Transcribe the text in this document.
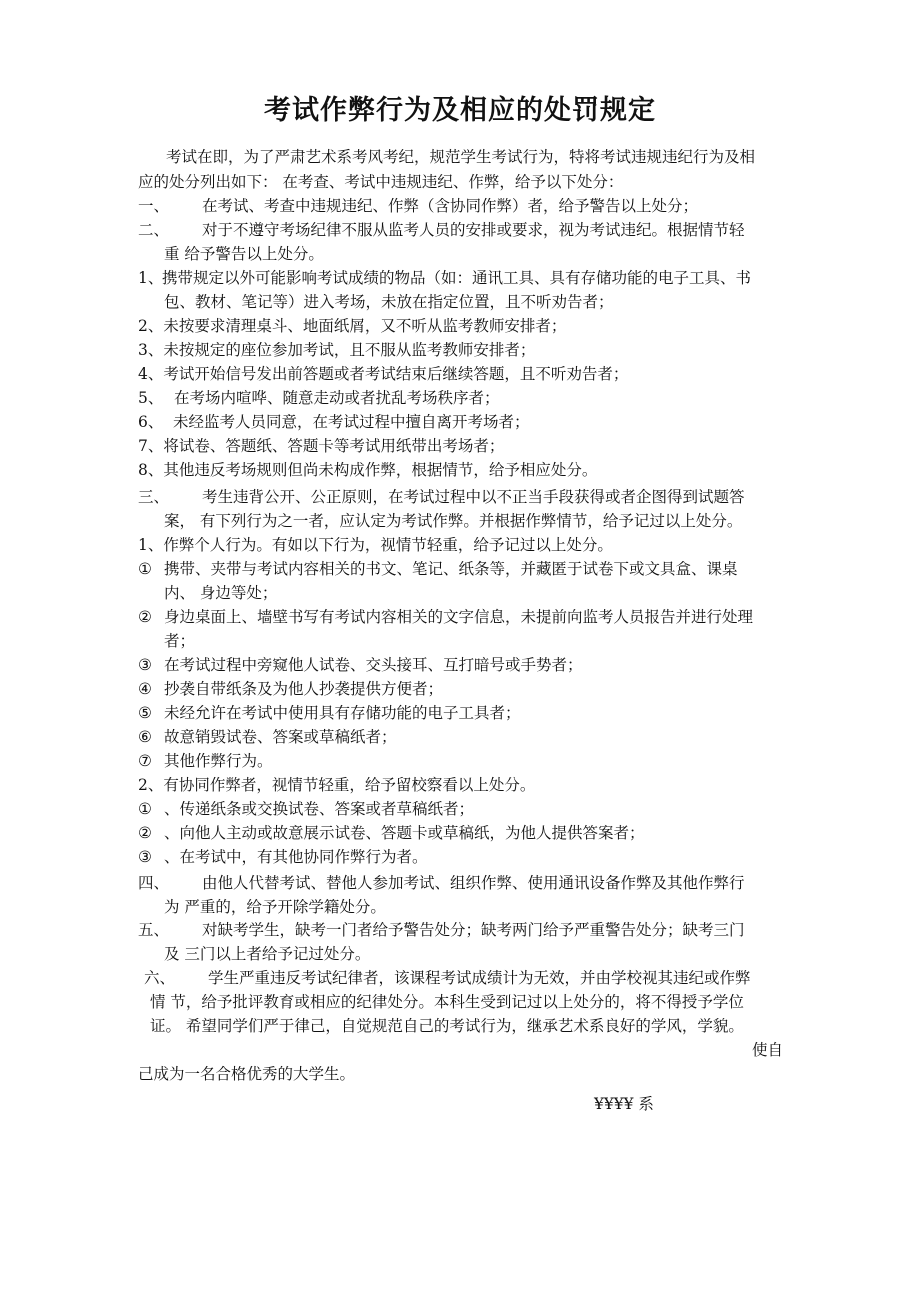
考试作弊行为及相应的处罚规定

考试在即，为了严肃艺术系考风考纪，规范学生考试行为，特将考试违规违纪行为及相

应的处分列出如下： 在考查、考试中违规违纪、作弊，给予以下处分：

一、 在考试、考查中违规违纪、作弊（含协同作弊）者，给予警告以上处分；
二、 对于不遵守考场纪律不服从监考人员的安排或要求，视为考试违纪。根据情节轻
重 给予警告以上处分。
1、
携带规定以外可能影响考试成绩的物品（如：通讯工具、具有存储功能的电子工具、书
包、教材、笔记等）进入考场，未放在指定位置，且不听劝告者；
2、未按要求清理桌斗、地面纸屑，又不听从监考教师安排者；
3、未按规定的座位参加考试，且不服从监考教师安排者；
4、考试开始信号发出前答题或者考试结束后继续答题，且不听劝告者；
5、 在考场内喧哗、随意走动或者扰乱考场秩序者；
6、 未经监考人员同意，在考试过程中擅自离开考场者；
7、将试卷、答题纸、答题卡等考试用纸带出考场者；
8、其他违反考场规则但尚未构成作弊，根据情节，给予相应处分。
三、 考生违背公开、公正原则，在考试过程中以不正当手段获得或者企图得到试题答
案， 有下列行为之一者，应认定为考试作弊。并根据作弊情节，给予记过以上处分。
1、作弊个人行为。有如以下行为，视情节轻重，给予记过以上处分。
① 携带、夹带与考试内容相关的书文、笔记、纸条等，并藏匿于试卷下或文具盒、课桌
内、 身边等处；
② 身边桌面上、墙壁书写有考试内容相关的文字信息，未提前向监考人员报告并进行处理
者；
③ 在考试过程中旁窥他人试卷、交头接耳、互打暗号或手势者；
④ 抄袭自带纸条及为他人抄袭提供方便者；
⑤ 未经允许在考试中使用具有存储功能的电子工具者；
⑥ 故意销毁试卷、答案或草稿纸者；
⑦ 其他作弊行为。
2、有协同作弊者，视情节轻重，给予留校察看以上处分。
① 、传递纸条或交换试卷、答案或者草稿纸者；
② 、向他人主动或故意展示试卷、答题卡或草稿纸，为他人提供答案者；
③ 、在考试中，有其他协同作弊行为者。
四、 由他人代替考试、替他人参加考试、组织作弊、使用通讯设备作弊及其他作弊行
为 严重的，给予开除学籍处分。
五、 对缺考学生，缺考一门者给予警告处分；缺考两门给予严重警告处分；缺考三门
及 三门以上者给予记过处分。
六、 学生严重违反考试纪律者，该课程考试成绩计为无效，并由学校视其违纪或作弊
情 节，给予批评教育或相应的纪律处分。本科生受到记过以上处分的，将不得授予学位
证。 希望同学们严于律己，自觉规范自己的考试行为，继承艺术系良好的学风，学貌。
使自
己成为一名合格优秀的大学生。
¥¥¥¥ 系
